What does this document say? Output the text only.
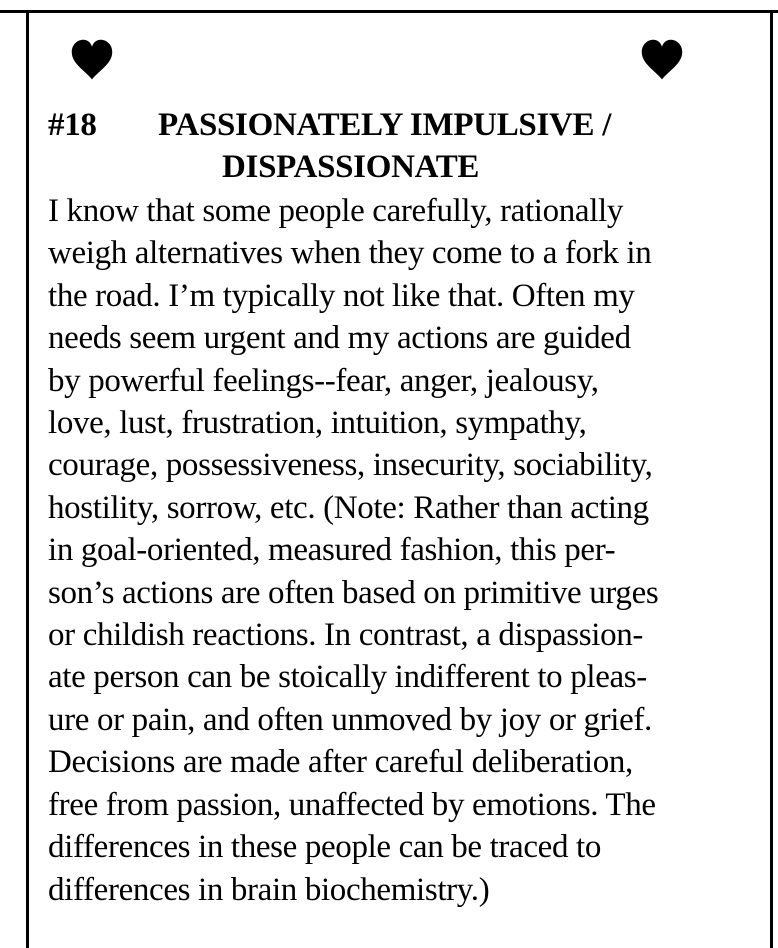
#18	PASSIONATELY IMPULSIVE /
DISPASSIONATE
I know that some people carefully, rationally
weigh alternatives when they come to a fork in
the road. I’m typically not like that. Often my
needs seem urgent and my actions are guided
by powerful feelings--fear, anger, jealousy,
love, lust, frustration, intuition, sympathy,
courage, possessiveness, insecurity, sociability,
hostility, sorrow, etc. (Note: Rather than acting
in goal-oriented, measured fashion, this per-
son’s actions are often based on primitive urges
or childish reactions. In contrast, a dispassion-
ate person can be stoically indifferent to pleas-
ure or pain, and often unmoved by joy or grief.
Decisions are made after careful deliberation,
free from passion, unaffected by emotions. The
differences in these people can be traced to
differences in brain biochemistry.)
